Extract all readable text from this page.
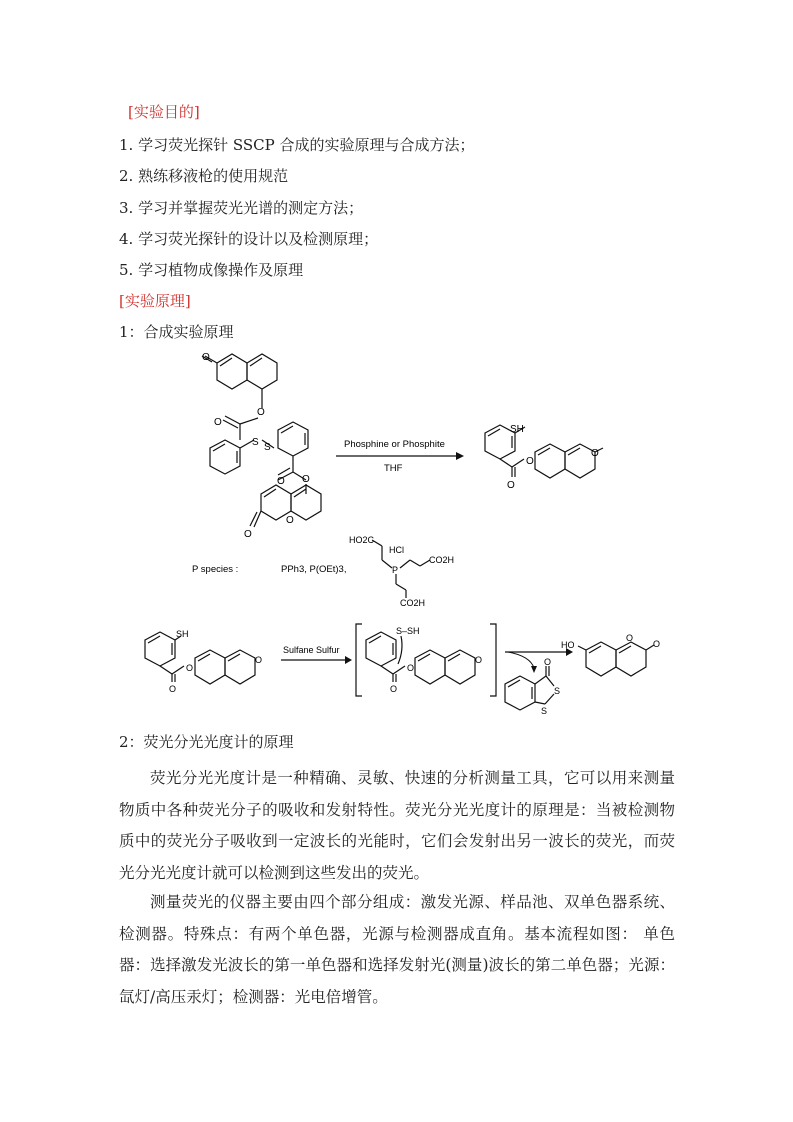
[实验目的]
1. 学习荧光探针 SSCP 合成的实验原理与合成方法；
2. 熟练移液枪的使用规范
3. 学习并掌握荧光光谱的测定方法；
4. 学习荧光探针的设计以及检测原理；
5. 学习植物成像操作及原理
[实验原理]
1：合成实验原理
O
O
O
S S
O O
O
O
Phosphine or Phosphite
THF
SH
O
O
O
P species :	PPh3, P(OEt)3,
HO2C
HCl
P
CO2H
CO2H
SH
O
O
O
Sulfane Sulfur
S–SH
O
O
O	O
S
S
HO
O
O
2：荧光分光光度计的原理
荧光分光光度计是一种精确、灵敏、快速的分析测量工具，它可以用来测量物质中各种荧光分子的吸收和发射特性。荧光分光光度计的原理是：当被检测物质中的荧光分子吸收到一定波长的光能时，它们会发射出另一波长的荧光，而荧光分光光度计就可以检测到这些发出的荧光。
测量荧光的仪器主要由四个部分组成：激发光源、样品池、双单色器系统、检测器。特殊点：有两个单色器，光源与检测器成直角。基本流程如图： 单色器：选择激发光波长的第一单色器和选择发射光(测量)波长的第二单色器；光源：氙灯/高压汞灯；检测器：光电倍增管。
